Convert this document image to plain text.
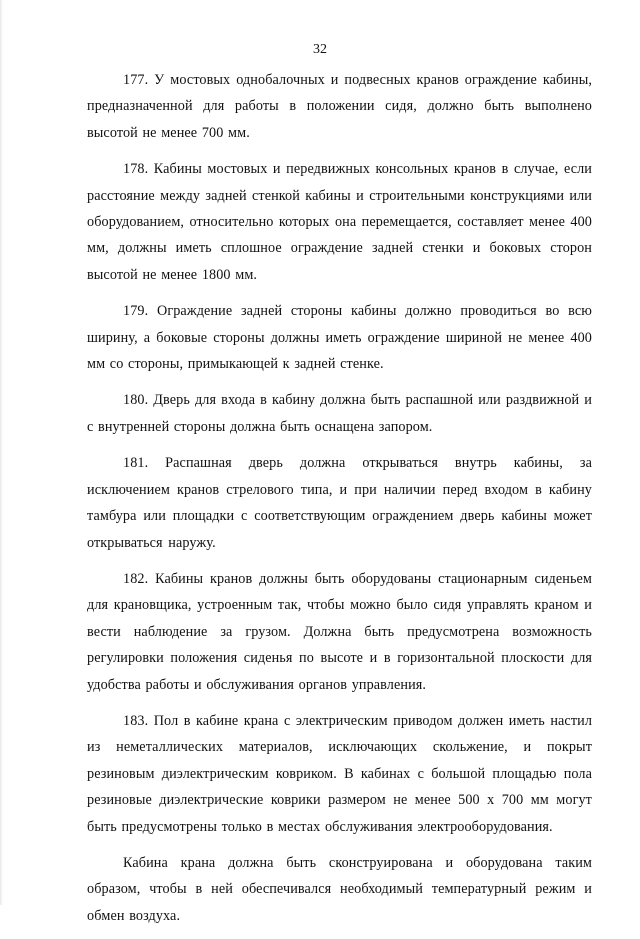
32

177. У мостовых однобалочных и подвесных кранов ограждение кабины, предназначенной для работы в положении сидя, должно быть выполнено высотой не менее 700 мм.

178. Кабины мостовых и передвижных консольных кранов в случае, если расстояние между задней стенкой кабины и строительными конструкциями или оборудованием, относительно которых она перемещается, составляет менее 400 мм, должны иметь сплошное ограждение задней стенки и боковых сторон высотой не менее 1800 мм.

179. Ограждение задней стороны кабины должно проводиться во всю ширину, а боковые стороны должны иметь ограждение шириной не менее 400 мм со стороны, примыкающей к задней стенке.

180. Дверь для входа в кабину должна быть распашной или раздвижной и с внутренней стороны должна быть оснащена запором.

181. Распашная дверь должна открываться внутрь кабины, за исключением кранов стрелового типа, и при наличии перед входом в кабину тамбура или площадки с соответствующим ограждением дверь кабины может открываться наружу.

182. Кабины кранов должны быть оборудованы стационарным сиденьем для крановщика, устроенным так, чтобы можно было сидя управлять краном и вести наблюдение за грузом. Должна быть предусмотрена возможность регулировки положения сиденья по высоте и в горизонтальной плоскости для удобства работы и обслуживания органов управления.

183. Пол в кабине крана с электрическим приводом должен иметь настил из неметаллических материалов, исключающих скольжение, и покрыт резиновым диэлектрическим ковриком. В кабинах с большой площадью пола резиновые диэлектрические коврики размером не менее 500 х 700 мм могут быть предусмотрены только в местах обслуживания электрооборудования.

Кабина крана должна быть сконструирована и оборудована таким образом, чтобы в ней обеспечивался необходимый температурный режим и обмен воздуха.
